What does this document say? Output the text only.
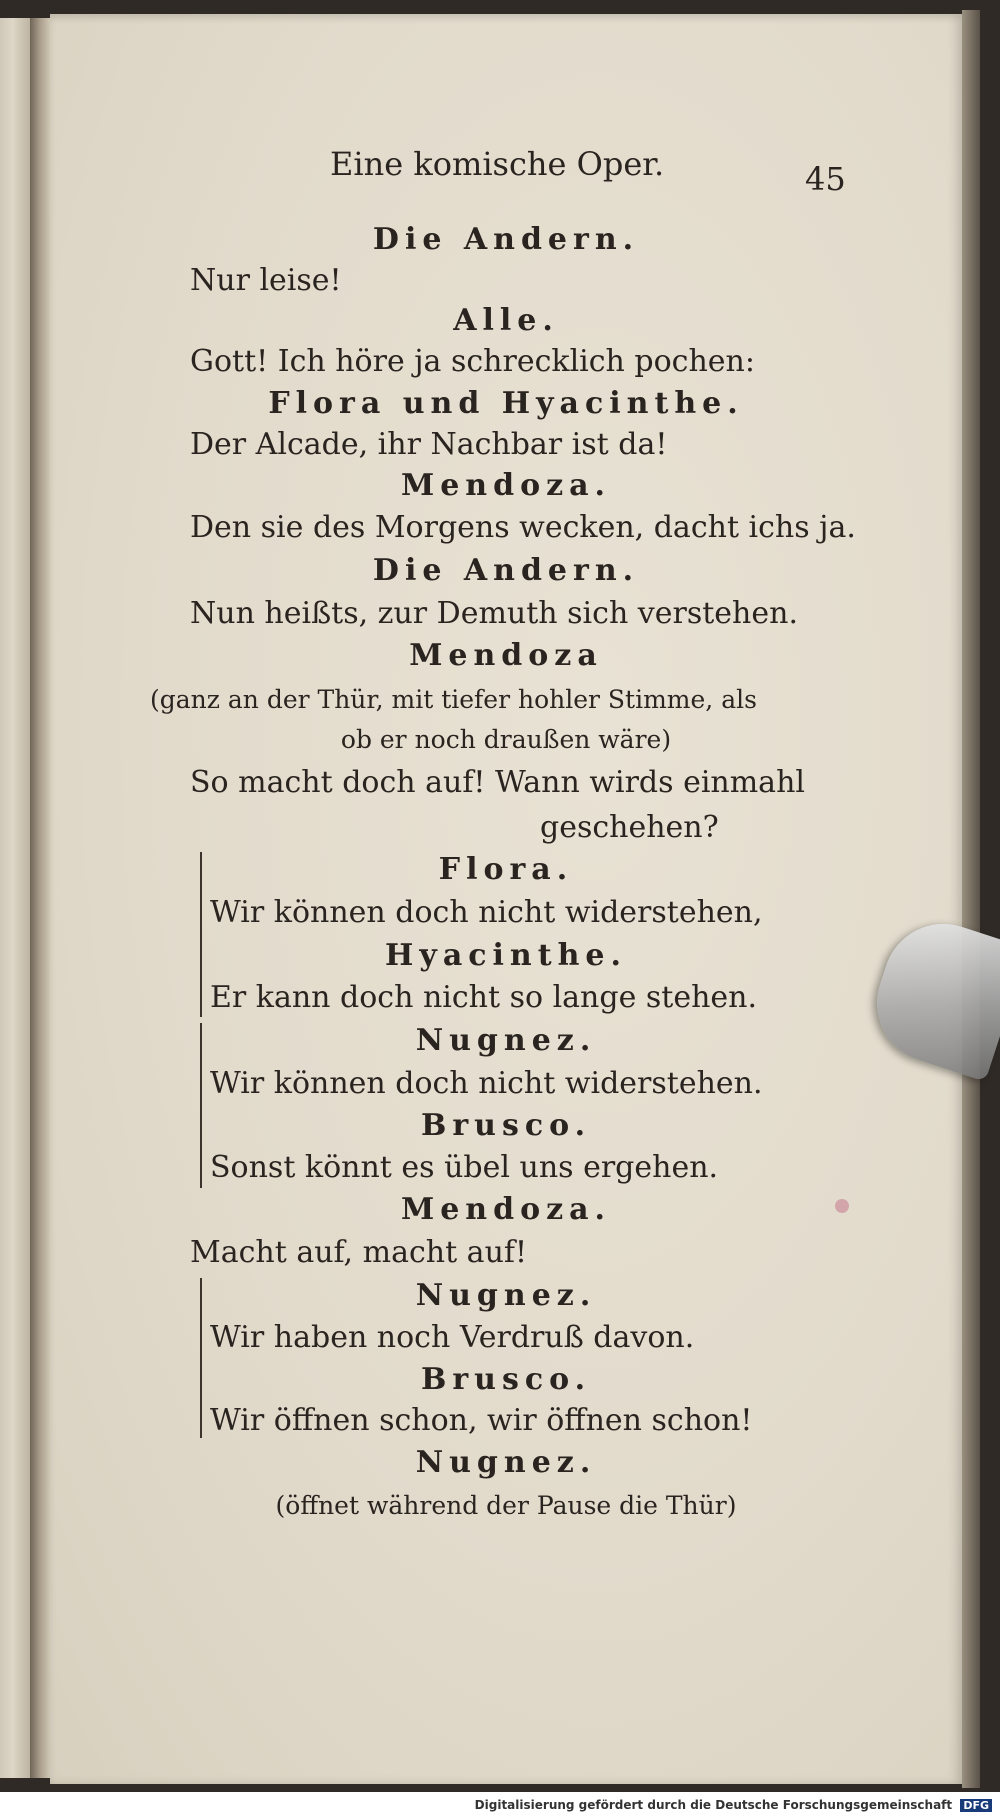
Eine komische Oper.	45
Die Andern.
Nur leise!
Alle.
Gott! Ich höre ja schrecklich pochen:
Flora und Hyacinthe.
Der Alcade, ihr Nachbar ist da!
Mendoza.
Den sie des Morgens wecken, dacht ichs ja.
Die Andern.
Nun heißts, zur Demuth sich verstehen.
Mendoza
(ganz an der Thür, mit tiefer hohler Stimme, als
ob er noch draußen wäre)
So macht doch auf! Wann wirds einmahl
geschehen?
Flora.
Wir können doch nicht widerstehen,
Hyacinthe.
Er kann doch nicht so lange stehen.
Nugnez.
Wir können doch nicht widerstehen.
Brusco.
Sonst könnt es übel uns ergehen.
Mendoza.
Macht auf, macht auf!
Nugnez.
Wir haben noch Verdruß davon.
Brusco.
Wir öffnen schon, wir öffnen schon!
Nugnez.
(öffnet während der Pause die Thür)
Digitalisierung gefördert durch die Deutsche Forschungsgemeinschaft DFG
